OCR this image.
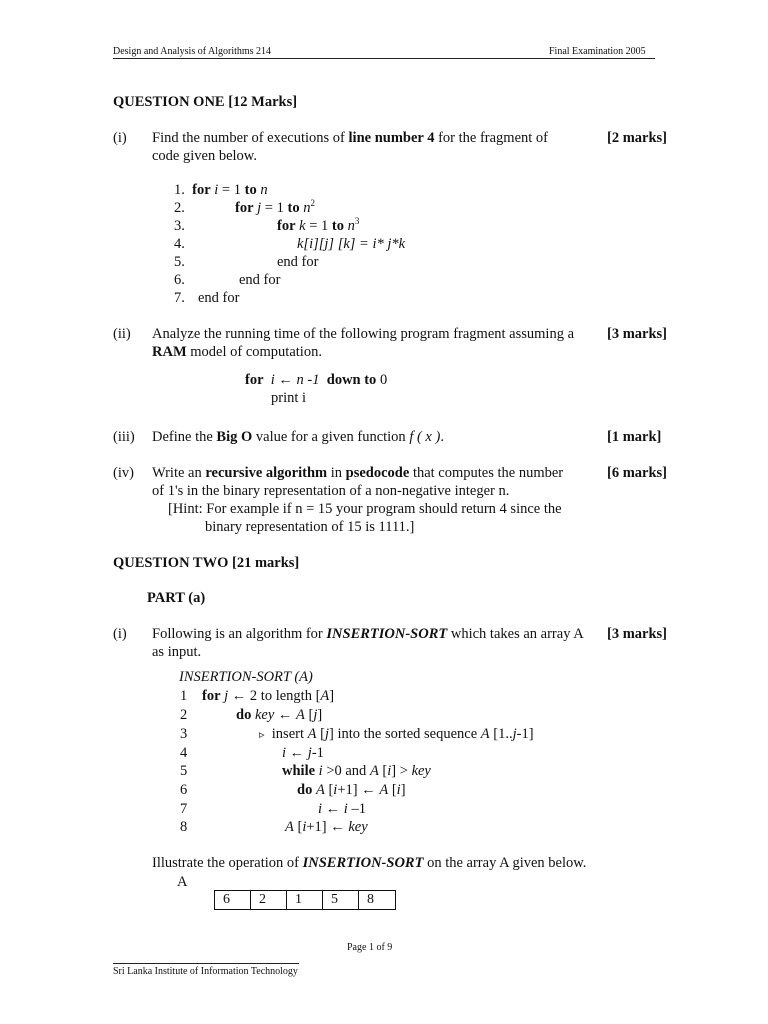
Design and Analysis of Algorithms 214	Final Examination 2005
QUESTION ONE [12 Marks]
(i) Find the number of executions of line number 4 for the fragment of
code given below.
[2 marks]
1. for i = 1 to n
2.	for j = 1 to $n^2$
3.	for k = 1 to $n^3$
4.	k[i][j] [k] = i* j*k
5.	end for
6.	end for
7. end for
(ii) Analyze the running time of the following program fragment assuming a
RAM model of computation.
[3 marks]
for i ← n -1 down to 0
print i
(iii) Define the Big O value for a given function f ( x ).	[1 mark]
(iv) Write an recursive algorithm in psedocode that computes the number
of 1's in the binary representation of a non-negative integer n.
[Hint: For example if n = 15 your program should return 4 since the
binary representation of 15 is 1111.]
[6 marks]
QUESTION TWO [21 marks]
PART (a)
(i) Following is an algorithm for INSERTION-SORT which takes an array A
as input.
[3 marks]
INSERTION-SORT (A)
1 for j ← 2 to length [A]
2	do key ← A [j]
3	▹  insert A [j] into the sorted sequence A [1..j-1]
4	i ← j-1
5	while i >0 and A [i] > key
6	do A [i+1] ← A [i]
7	i ← i –1
8	A [i+1] ← key
Illustrate the operation of INSERTION-SORT on the array A given below.
A
6	2	1	5	8
Page 1 of 9
Sri Lanka Institute of Information Technology
